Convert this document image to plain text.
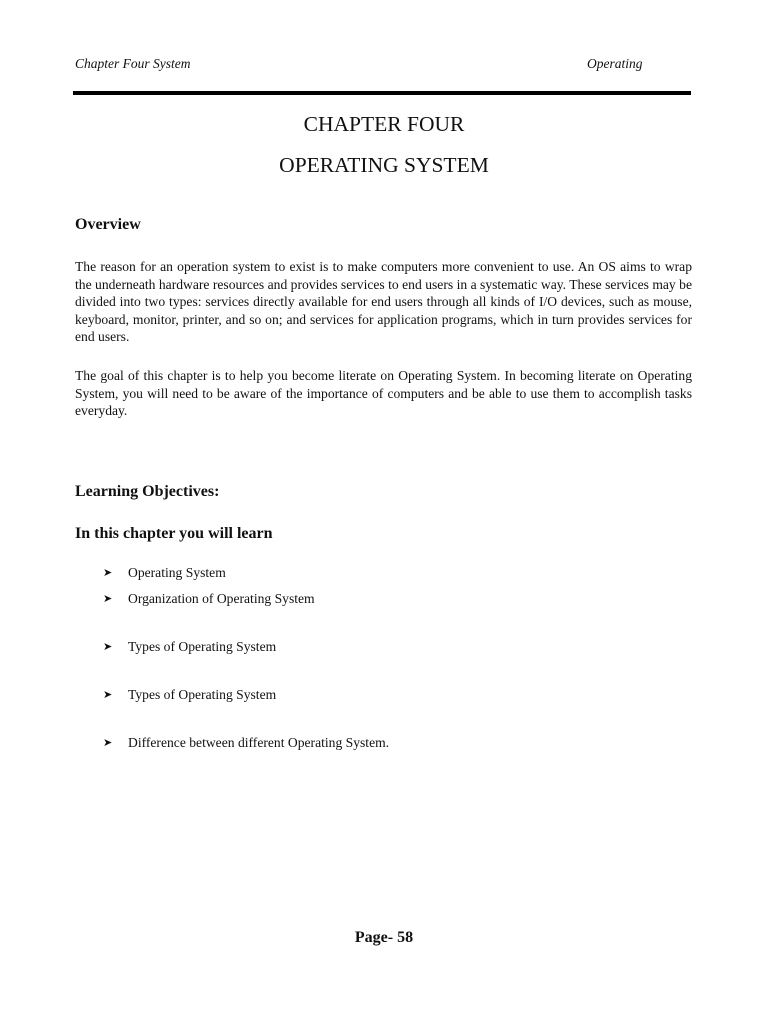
Chapter Four System	Operating
CHAPTER FOUR
OPERATING SYSTEM
Overview

The reason for an operation system to exist is to make computers more convenient to use. An OS aims to wrap the underneath hardware resources and provides services to end users in a systematic way. These services may be divided into two types: services directly available for end users through all kinds of I/O devices, such as mouse, keyboard, monitor, printer, and so on; and services for application programs, which in turn provides services for end users.

The goal of this chapter is to help you become literate on Operating System. In becoming literate on Operating System, you will need to be aware of the importance of computers and be able to use them to accomplish tasks everyday.

Learning Objectives:
In this chapter you will learn
➤	Operating System
➤	Organization of Operating System
➤	Types of Operating System
➤	Types of Operating System
➤	Difference between different Operating System.
Page- 58
